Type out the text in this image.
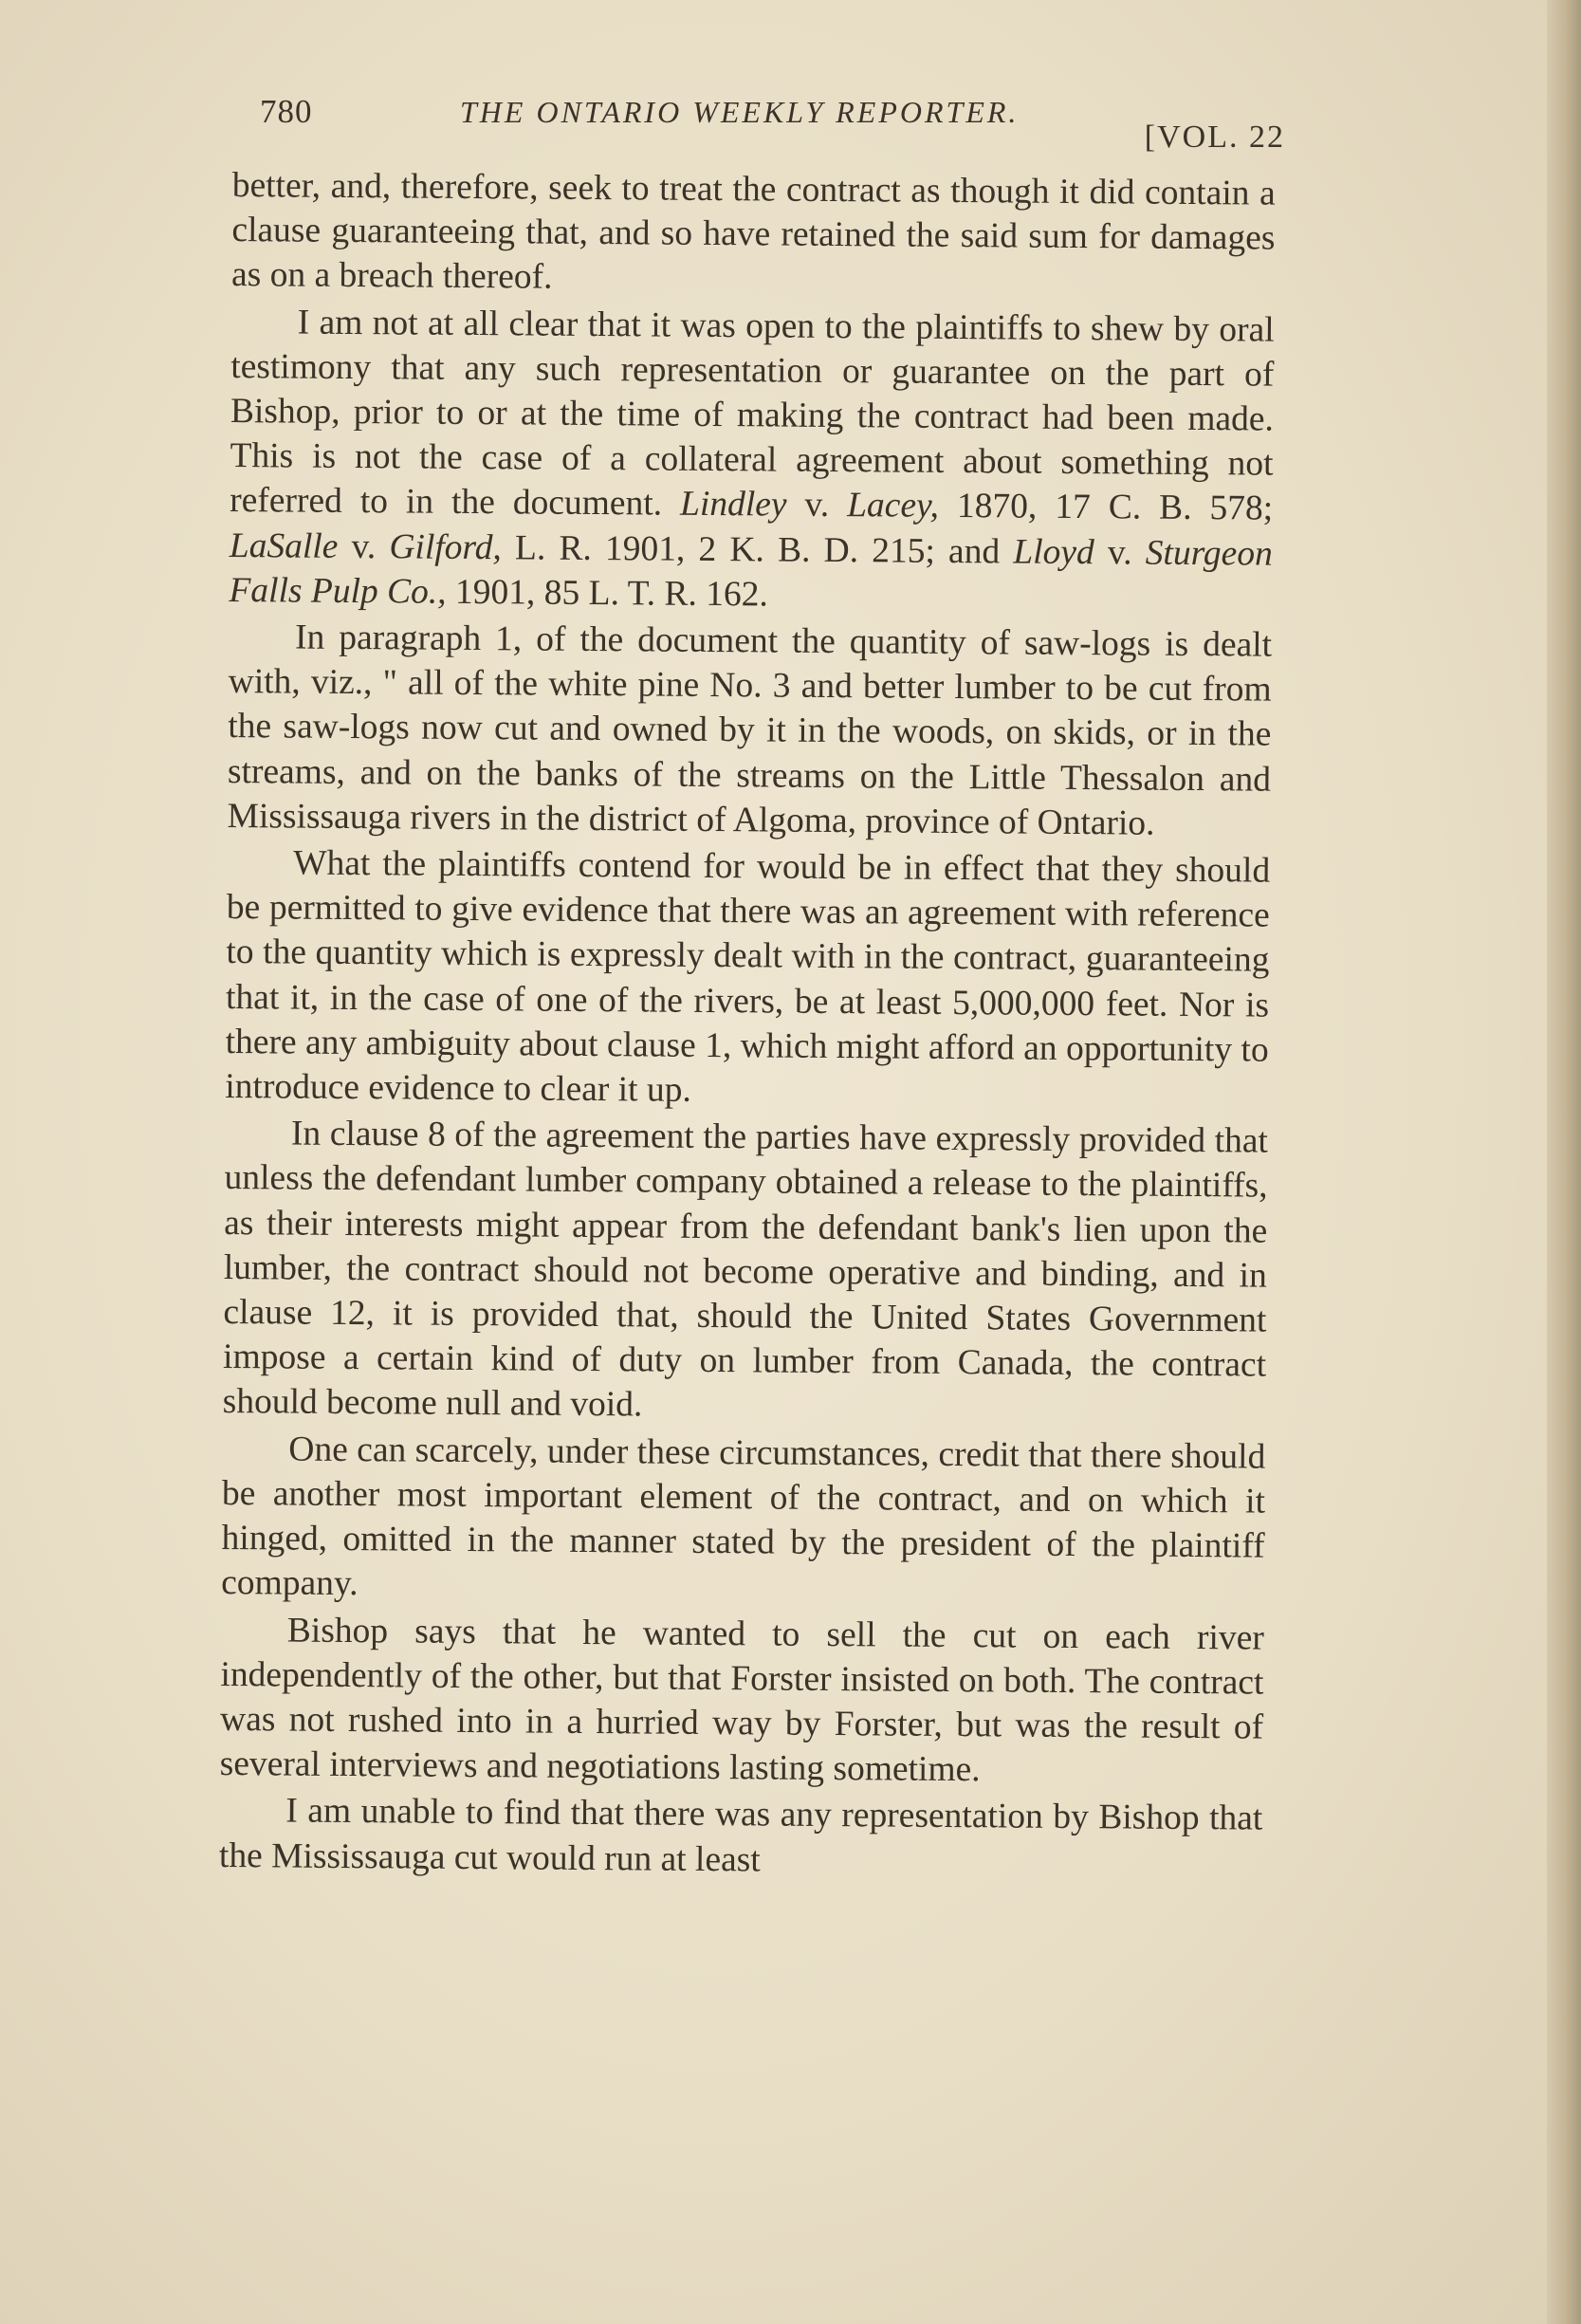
780	THE ONTARIO WEEKLY REPORTER.
[VOL. 22

better, and, therefore, seek to treat the contract as though it did contain a clause guaranteeing that, and so have retained the said sum for damages as on a breach thereof.

I am not at all clear that it was open to the plaintiffs to shew by oral testimony that any such representation or guarantee on the part of Bishop, prior to or at the time of making the contract had been made. This is not the case of a collateral agreement about something not referred to in the document. Lindley v. Lacey, 1870, 17 C. B. 578; LaSalle v. Gilford, L. R. 1901, 2 K. B. D. 215; and Lloyd v. Sturgeon Falls Pulp Co., 1901, 85 L. T. R. 162.

In paragraph 1, of the document the quantity of saw-logs is dealt with, viz., " all of the white pine No. 3 and better lumber to be cut from the saw-logs now cut and owned by it in the woods, on skids, or in the streams, and on the banks of the streams on the Little Thessalon and Mississauga rivers in the district of Algoma, province of Ontario.

What the plaintiffs contend for would be in effect that they should be permitted to give evidence that there was an agreement with reference to the quantity which is expressly dealt with in the contract, guaranteeing that it, in the case of one of the rivers, be at least 5,000,000 feet. Nor is there any ambiguity about clause 1, which might afford an opportunity to introduce evidence to clear it up.

In clause 8 of the agreement the parties have expressly provided that unless the defendant lumber company obtained a release to the plaintiffs, as their interests might appear from the defendant bank's lien upon the lumber, the contract should not become operative and binding, and in clause 12, it is provided that, should the United States Government impose a certain kind of duty on lumber from Canada, the contract should become null and void.

One can scarcely, under these circumstances, credit that there should be another most important element of the contract, and on which it hinged, omitted in the manner stated by the president of the plaintiff company.

Bishop says that he wanted to sell the cut on each river independently of the other, but that Forster insisted on both. The contract was not rushed into in a hurried way by Forster, but was the result of several interviews and negotiations lasting sometime.

I am unable to find that there was any representation by Bishop that the Mississauga cut would run at least
